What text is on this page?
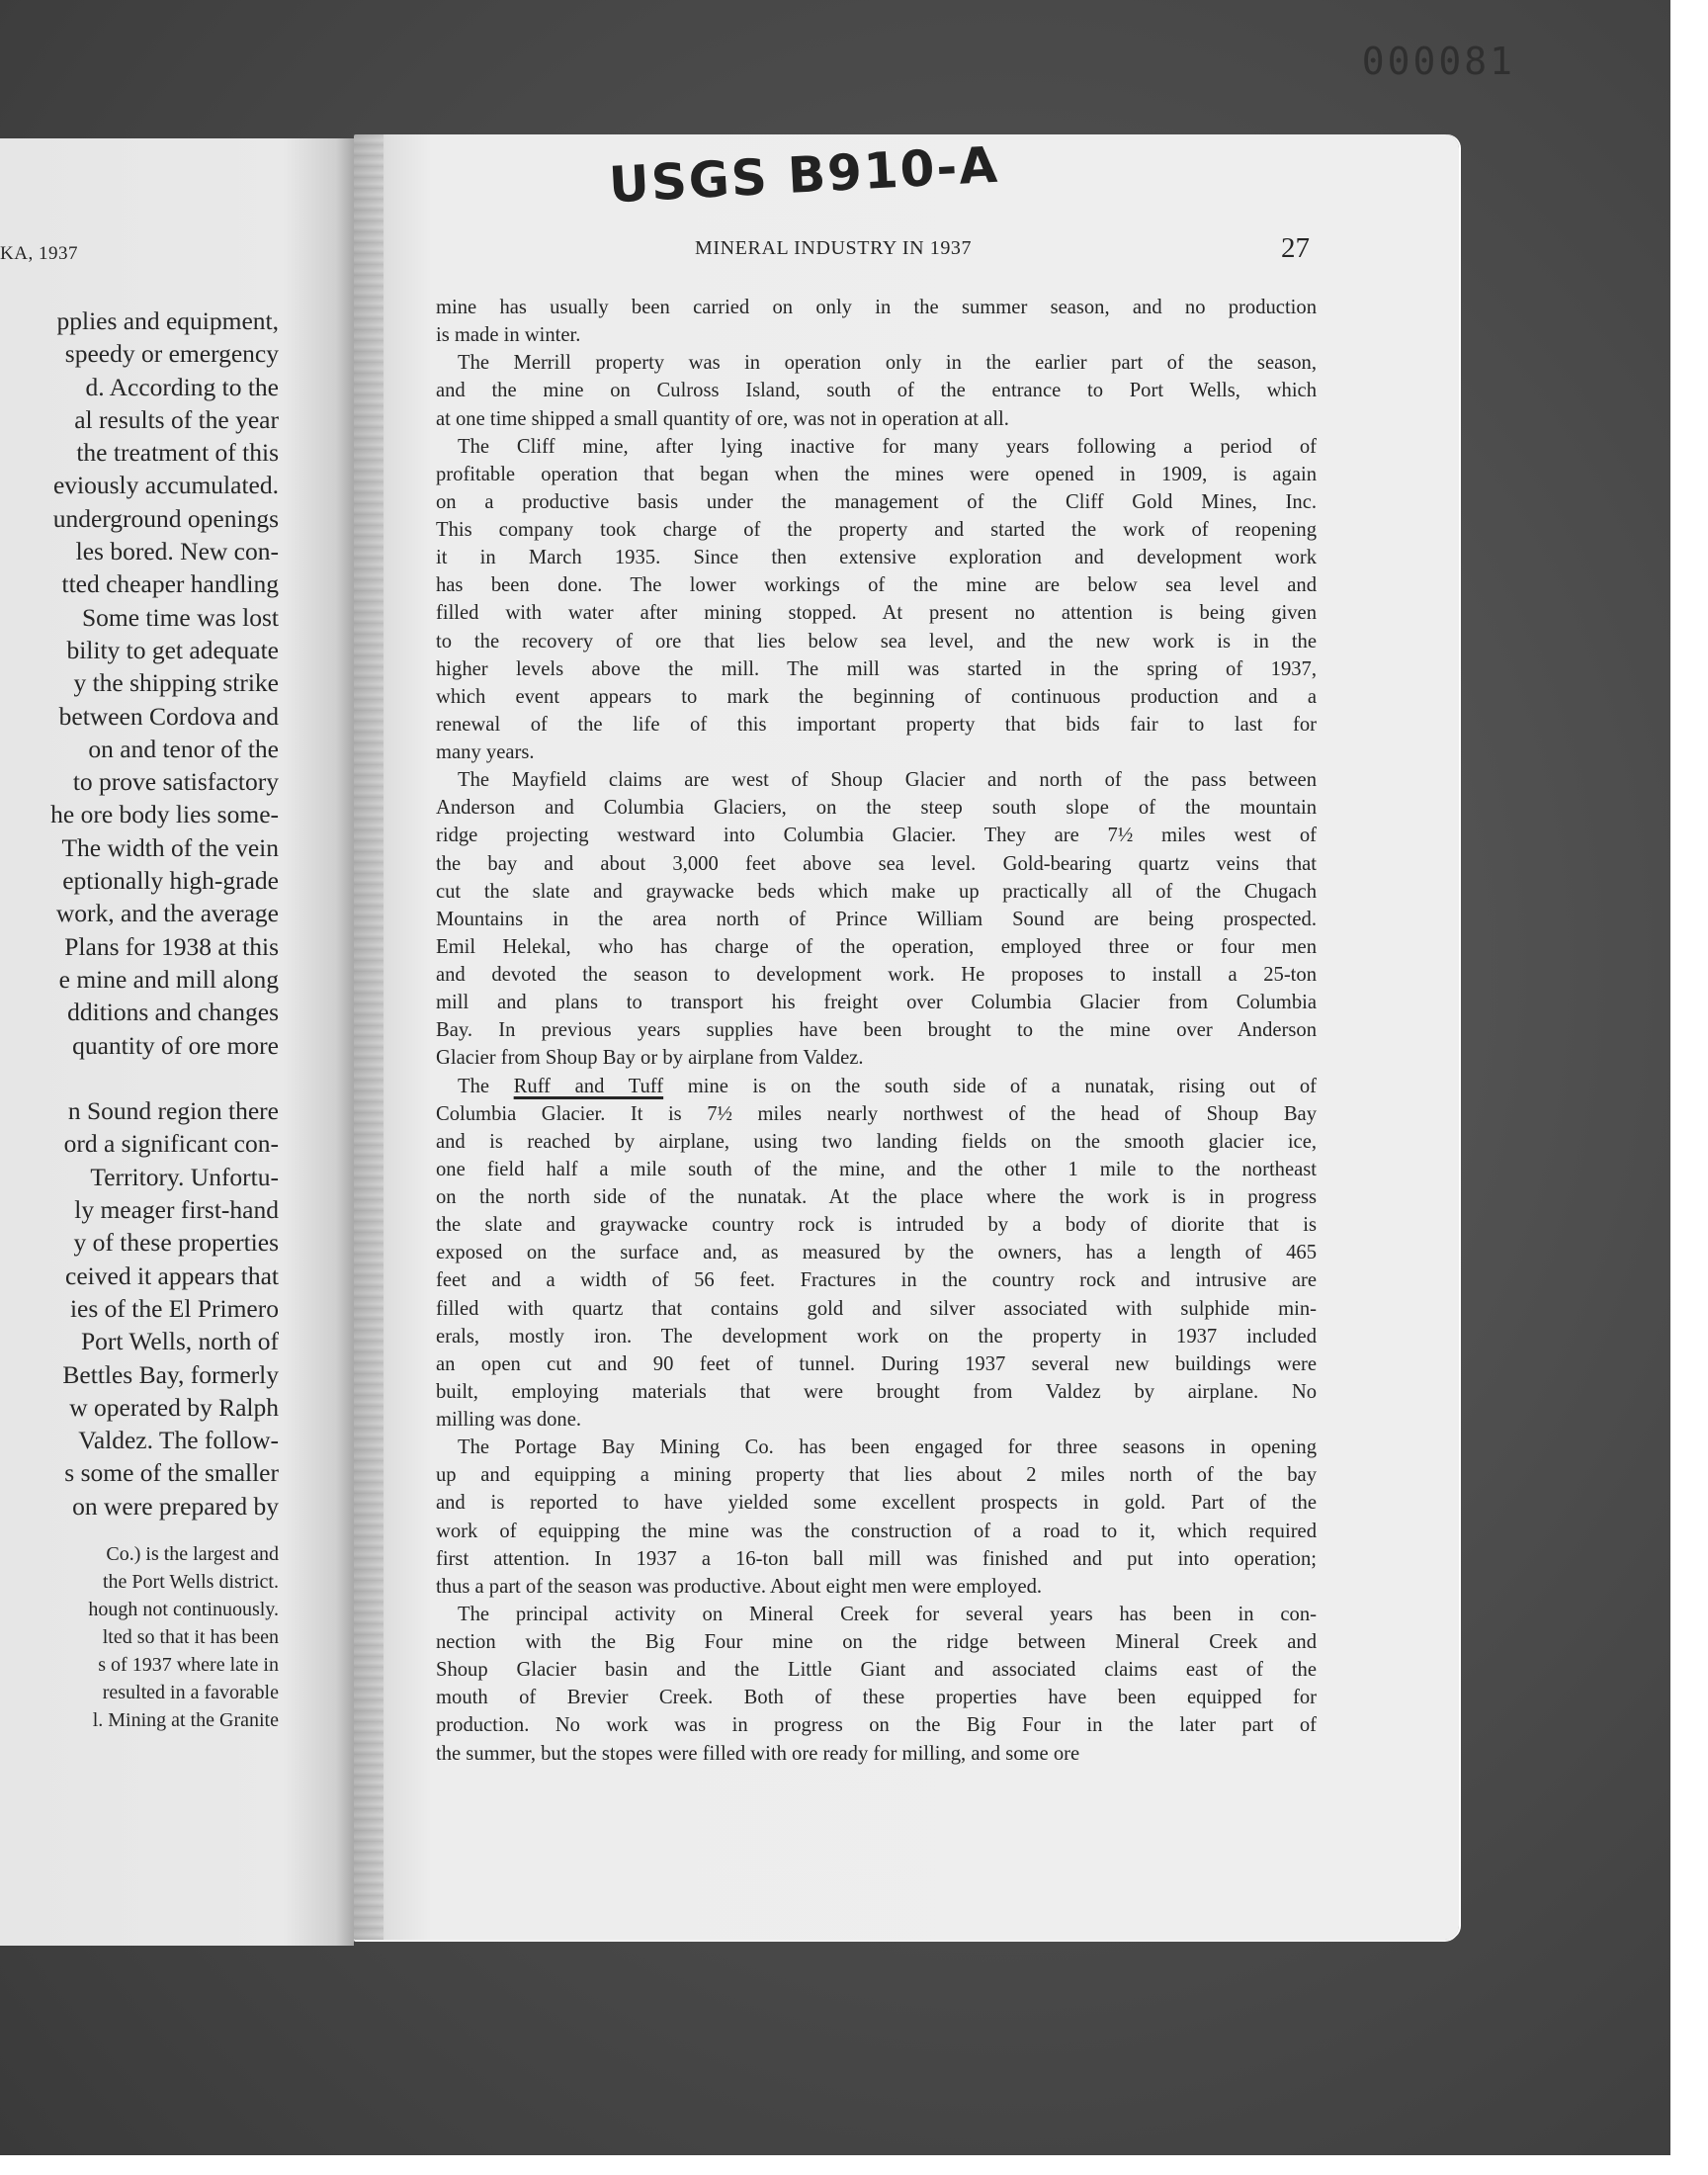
000081
KA, 1937
pplies and equipment,
speedy or emergency
d. According to the
al results of the year
the treatment of this
eviously accumulated.
underground openings
les bored. New con-
tted cheaper handling
Some time was lost
bility to get adequate
y the shipping strike
between Cordova and
on and tenor of the
to prove satisfactory
he ore body lies some-
The width of the vein
eptionally high-grade
work, and the average
Plans for 1938 at this
e mine and mill along
dditions and changes
quantity of ore more

n Sound region there
ord a significant con-
Territory. Unfortu-
ly meager first-hand
y of these properties
ceived it appears that
ies of the El Primero
Port Wells, north of
Bettles Bay, formerly
w operated by Ralph
Valdez. The follow-
s some of the smaller
on were prepared by
Co.) is the largest and
the Port Wells district.
hough not continuously.
lted so that it has been
s of 1937 where late in
resulted in a favorable
l. Mining at the Granite
USGS B910-A
MINERAL INDUSTRY IN 1937	27
mine has usually been carried on only in the summer season, and no production
is made in winter.
The Merrill property was in operation only in the earlier part of the season,
and the mine on Culross Island, south of the entrance to Port Wells, which
at one time shipped a small quantity of ore, was not in operation at all.
The Cliff mine, after lying inactive for many years following a period of
profitable operation that began when the mines were opened in 1909, is again
on a productive basis under the management of the Cliff Gold Mines, Inc.
This company took charge of the property and started the work of reopening
it in March 1935. Since then extensive exploration and development work
has been done. The lower workings of the mine are below sea level and
filled with water after mining stopped. At present no attention is being given
to the recovery of ore that lies below sea level, and the new work is in the
higher levels above the mill. The mill was started in the spring of 1937,
which event appears to mark the beginning of continuous production and a
renewal of the life of this important property that bids fair to last for
many years.
The Mayfield claims are west of Shoup Glacier and north of the pass between
Anderson and Columbia Glaciers, on the steep south slope of the mountain
ridge projecting westward into Columbia Glacier. They are 7½ miles west of
the bay and about 3,000 feet above sea level. Gold-bearing quartz veins that
cut the slate and graywacke beds which make up practically all of the Chugach
Mountains in the area north of Prince William Sound are being prospected.
Emil Helekal, who has charge of the operation, employed three or four men
and devoted the season to development work. He proposes to install a 25-ton
mill and plans to transport his freight over Columbia Glacier from Columbia
Bay. In previous years supplies have been brought to the mine over Anderson
Glacier from Shoup Bay or by airplane from Valdez.
The Ruff and Tuff mine is on the south side of a nunatak, rising out of
Columbia Glacier. It is 7½ miles nearly northwest of the head of Shoup Bay
and is reached by airplane, using two landing fields on the smooth glacier ice,
one field half a mile south of the mine, and the other 1 mile to the northeast
on the north side of the nunatak. At the place where the work is in progress
the slate and graywacke country rock is intruded by a body of diorite that is
exposed on the surface and, as measured by the owners, has a length of 465
feet and a width of 56 feet. Fractures in the country rock and intrusive are
filled with quartz that contains gold and silver associated with sulphide min-
erals, mostly iron. The development work on the property in 1937 included
an open cut and 90 feet of tunnel. During 1937 several new buildings were
built, employing materials that were brought from Valdez by airplane. No
milling was done.
The Portage Bay Mining Co. has been engaged for three seasons in opening
up and equipping a mining property that lies about 2 miles north of the bay
and is reported to have yielded some excellent prospects in gold. Part of the
work of equipping the mine was the construction of a road to it, which required
first attention. In 1937 a 16-ton ball mill was finished and put into operation;
thus a part of the season was productive. About eight men were employed.
The principal activity on Mineral Creek for several years has been in con-
nection with the Big Four mine on the ridge between Mineral Creek and
Shoup Glacier basin and the Little Giant and associated claims east of the
mouth of Brevier Creek. Both of these properties have been equipped for
production. No work was in progress on the Big Four in the later part of
the summer, but the stopes were filled with ore ready for milling, and some ore
